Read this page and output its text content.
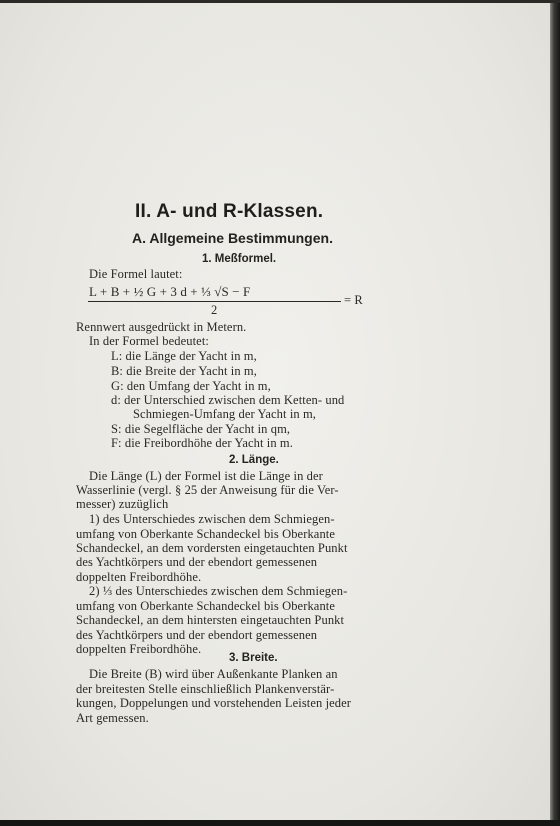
II. A- und R-Klassen.
A. Allgemeine Bestimmungen.
1. Meßformel.
Die Formel lautet:
L + B + ½ G + 3 d + ⅓ √S − F
= R
2
Rennwert ausgedrückt in Metern.
In der Formel bedeutet:
L: die Länge der Yacht in m,
B: die Breite der Yacht in m,
G: den Umfang der Yacht in m,
d: der Unterschied zwischen dem Ketten- und
Schmiegen-Umfang der Yacht in m,
S: die Segelfläche der Yacht in qm,
F: die Freibordhöhe der Yacht in m.
2. Länge.
Die Länge (L) der Formel ist die Länge in der
Wasserlinie (vergl. § 25 der Anweisung für die Ver-
messer) zuzüglich
1) des Unterschiedes zwischen dem Schmiegen-
umfang von Oberkante Schandeckel bis Oberkante
Schandeckel, an dem vordersten eingetauchten Punkt
des Yachtkörpers und der ebendort gemessenen
doppelten Freibordhöhe.
2) ⅓ des Unterschiedes zwischen dem Schmiegen-
umfang von Oberkante Schandeckel bis Oberkante
Schandeckel, an dem hintersten eingetauchten Punkt
des Yachtkörpers und der ebendort gemessenen
doppelten Freibordhöhe.
3. Breite.
Die Breite (B) wird über Außenkante Planken an
der breitesten Stelle einschließlich Plankenverstär-
kungen, Doppelungen und vorstehenden Leisten jeder
Art gemessen.
